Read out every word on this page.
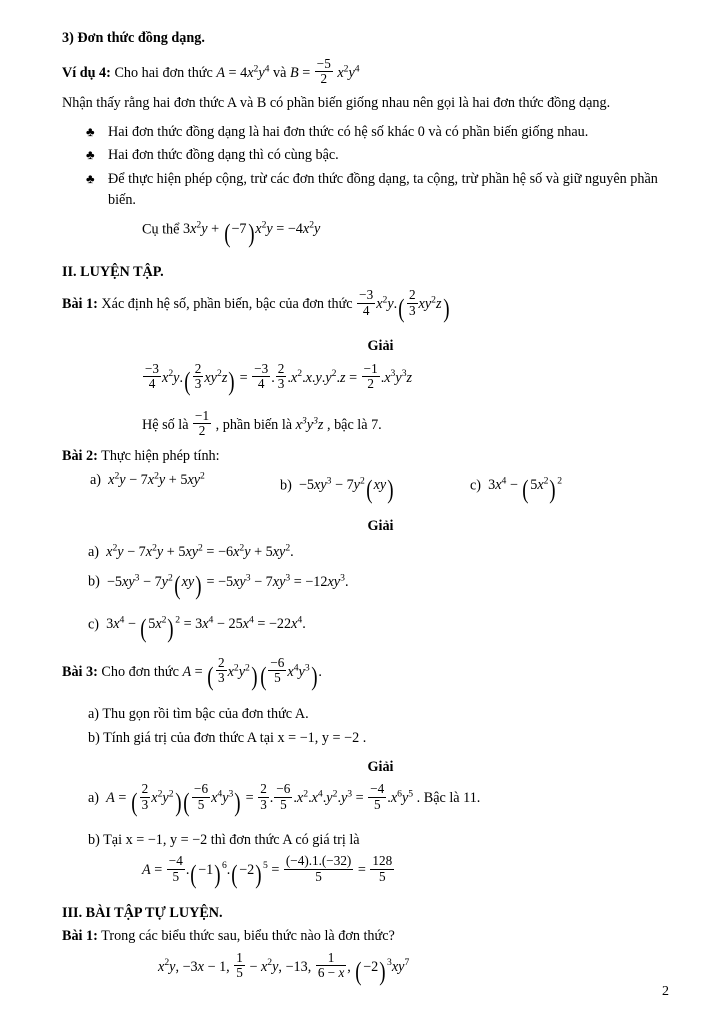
3) Đơn thức đồng dạng.

Ví dụ 4: Cho hai đơn thức $A = 4x^2y^4$ và $B = \frac{-5}{2} x^2y^4$

Nhận thấy rằng hai đơn thức A và B có phần biến giống nhau nên gọi là hai đơn thức đồng dạng.

♣ Hai đơn thức đồng dạng là hai đơn thức có hệ số khác 0 và có phần biến giống nhau.
♣ Hai đơn thức đồng dạng thì có cùng bậc.
♣ Để thực hiện phép cộng, trừ các đơn thức đồng dạng, ta cộng, trừ phần hệ số và giữ nguyên phần biến.

Cụ thể $3x^2y + (-7)x^2y = -4x^2y$

II. LUYỆN TẬP.

Bài 1: Xác định hệ số, phần biến, bậc của đơn thức $\frac{-3}{4} x^2y.( \frac{2}{3} xy^2z)$

Giải

$\frac{-3}{4} x^2y.( \frac{2}{3} xy^2z) = \frac{-3}{4}$ . $\frac{2}{3} .x^2.x.y.y^2.z = \frac{-1}{2} .x^3y^3z$

Hệ số là $\frac{-1}{2}$ , phần biến là $x^3y^3z$ , bậc là 7.

Bài 2: Thực hiện phép tính:

a) $x^2y - 7x^2y + 5xy^2$
$b) -5xy^3 - 7y^2(xy)$	c)  $3x^4 - (5x^2)^2$

Giải

a) $x^2y - 7x^2y + 5xy^2 = -6x^2y + 5xy^2$.

$b) -5xy^3 - 7y^2(xy) = -5xy^3 - 7xy^3 = -12xy^3$.

c)  $3x^4 - (5x^2)^2 = 3x^4 - 25x^4 = -22x^4$.

Bài 3: Cho đơn thức A = ( $\frac{2}{3} x^2y^2)( \frac{-6}{5} x^4y^3)$.

a) Thu gọn rồi tìm bậc của đơn thức A.

b) Tính giá trị của đơn thức A tại x = −1, y = −2 .

Giải

a) A = ( $\frac{2}{3} x^2y^2)( \frac{-6}{5} x^4y^3) = \frac{2}{3}$ . $\frac{-6}{5} .x^2.x^4.y^2.y^3 = \frac{-4}{5} .x^6y^5$ . Bậc là 11.

b) Tại x = −1, y = −2 thì đơn thức A có giá trị là

$A = \frac{-4}{5} .(-1)^6.(-2)^5 = \frac{(-4).1.(-32)}{5} = \frac{128}{5}$

III. BÀI TẬP TỰ LUYỆN.

Bài 1: Trong các biểu thức sau, biểu thức nào là đơn thức?

$x^2y$, −3x − 1, $\frac{1}{5} - x^2y$, −13, $\frac{1}{6 - x}$ , $(-2)^3xy^7$

2
